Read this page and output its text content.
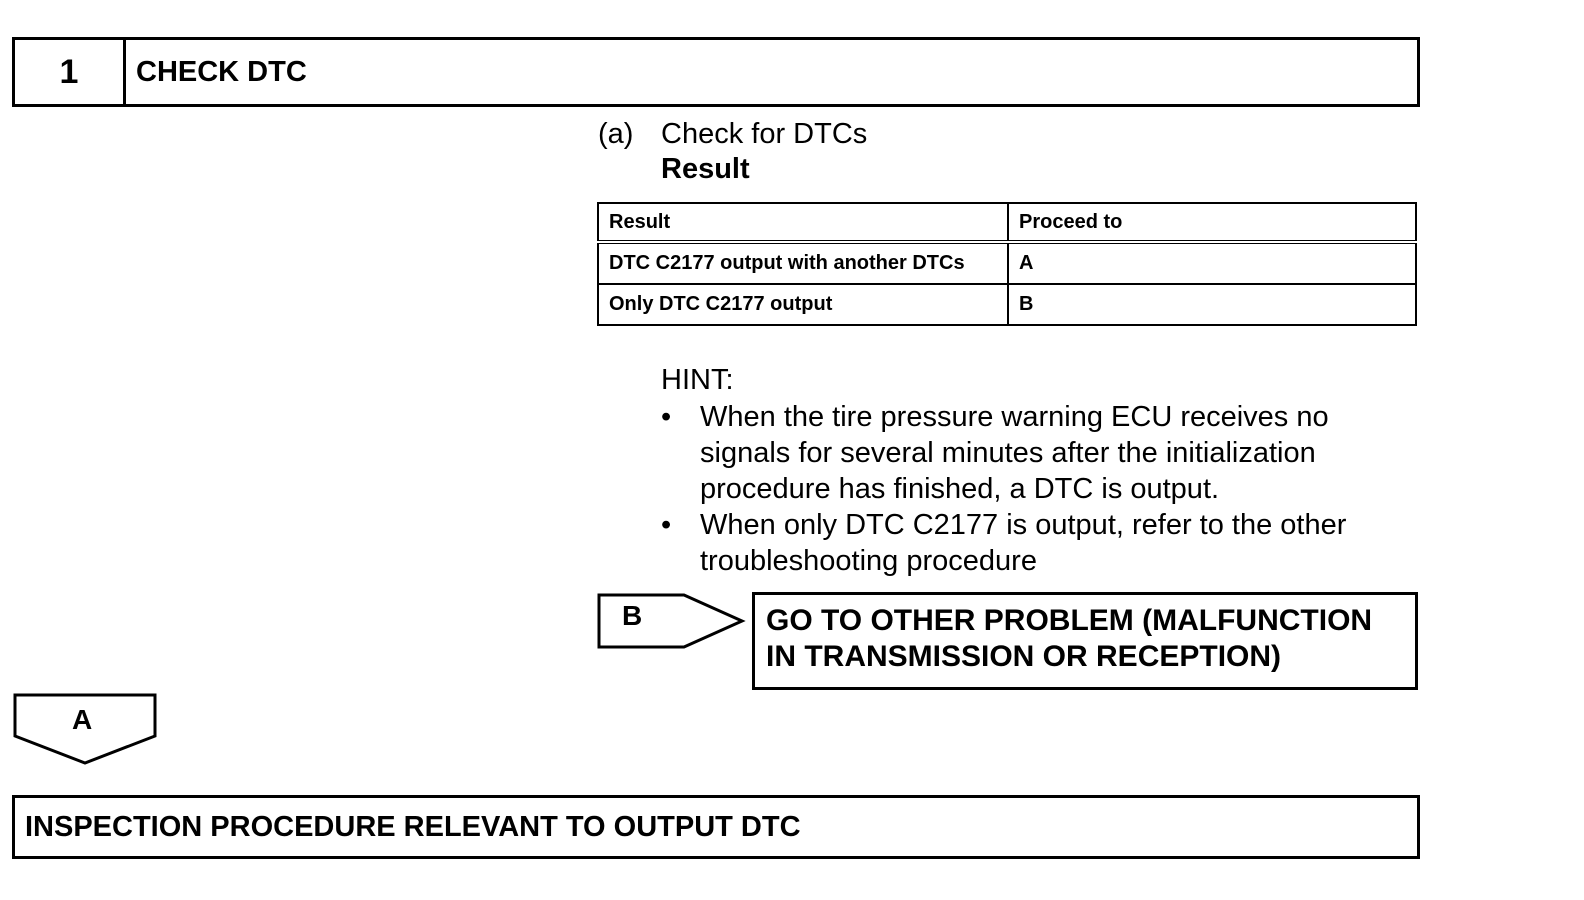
1	CHECK DTC
(a) Check for DTCs
Result
Result	Proceed to
DTC C2177 output with another DTCs	A
Only DTC C2177 output	B
HINT:
• When the tire pressure warning ECU receives no signals for several minutes after the initialization procedure has finished, a DTC is output.
• When only DTC C2177 is output, refer to the other troubleshooting procedure
B	GO TO OTHER PROBLEM (MALFUNCTION IN TRANSMISSION OR RECEPTION)
A
INSPECTION PROCEDURE RELEVANT TO OUTPUT DTC
